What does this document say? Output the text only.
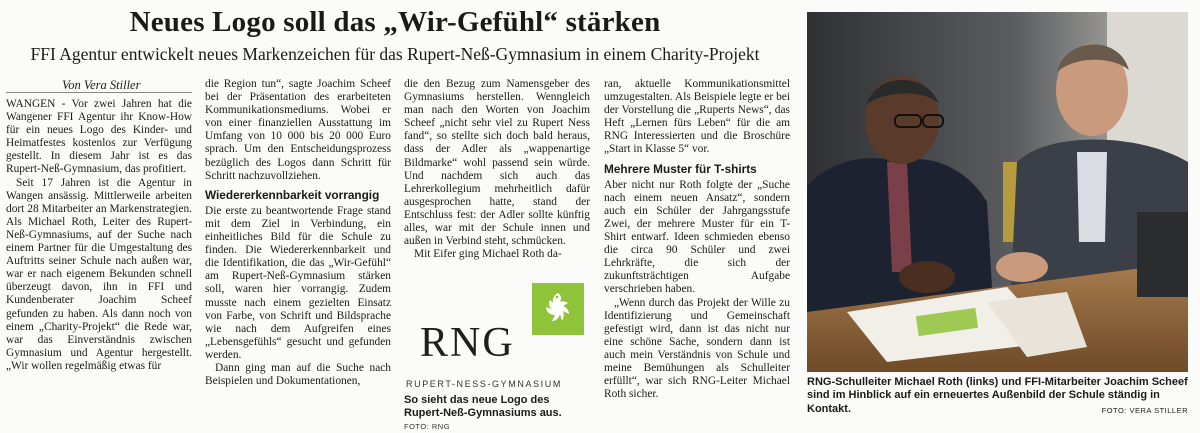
Neues Logo soll das „Wir-Gefühl“ stärken
FFI Agentur entwickelt neues Markenzeichen für das Rupert-Neß-Gymnasium in einem Charity-Projekt
Von Vera Stiller

WANGEN - Vor zwei Jahren hat die Wangener FFI Agentur ihr Know-How für ein neues Logo des Kinder- und Heimatfestes kostenlos zur Verfügung gestellt. In diesem Jahr ist es das Rupert-Neß-Gymnasium, das profitiert.

Seit 17 Jahren ist die Agentur in Wangen ansässig. Mittlerweile arbeiten dort 28 Mitarbeiter an Markenstrategien. Als Michael Roth, Leiter des Rupert-Neß-Gymnasiums, auf der Suche nach einem Partner für die Umgestaltung des Auftritts seiner Schule nach außen war, war er nach eigenem Bekunden schnell überzeugt davon, ihn in FFI und Kundenberater Joachim Scheef gefunden zu haben. Als dann noch von einem „Charity-Projekt“ die Rede war, war das Einverständnis zwischen Gymnasium und Agentur hergestellt. „Wir wollen regelmäßig etwas für

die Region tun“, sagte Joachim Scheef bei der Präsentation des erarbeiteten Kommunikationsmediums. Wobei er von einer finanziellen Ausstattung im Umfang von 10 000 bis 20 000 Euro sprach. Um den Entscheidungsprozess bezüglich des Logos dann Schritt für Schritt nachzuvollziehen.

Wiedererkennbarkeit vorrangig

Die erste zu beantwortende Frage stand mit dem Ziel in Verbindung, ein einheitliches Bild für die Schule zu finden. Die Wiedererkennbarkeit und die Identifikation, die das „Wir-Gefühl“ am Rupert-Neß-Gymnasium stärken soll, waren hier vorrangig. Zudem musste nach einem gezielten Einsatz von Farbe, von Schrift und Bildsprache wie nach dem Aufgreifen eines „Lebensgefühls“ gesucht und gefunden werden.

Dann ging man auf die Suche nach Beispielen und Dokumentationen,

die den Bezug zum Namensgeber des Gymnasiums herstellen. Wenngleich man nach den Worten von Joachim Scheef „nicht sehr viel zu Rupert Ness fand“, so stellte sich doch bald heraus, dass der Adler als „wappenartige Bildmarke“ wohl passend sein würde. Und nachdem sich auch das Lehrerkollegium mehrheitlich dafür ausgesprochen hatte, stand der Entschluss fest: der Adler sollte künftig alles, war mit der Schule innen und außen in Verbind steht, schmücken.

Mit Eifer ging Michael Roth da-

RNG
RUPERT-NESS-GYMNASIUM
So sieht das neue Logo des Rupert-Neß-Gymnasiums aus. FOTO: RNG

ran, aktuelle Kommunikationsmittel umzugestalten. Als Beispiele legte er bei der Vorstellung die „Ruperts News“, das Heft „Lernen fürs Leben“ für die am RNG Interessierten und die Broschüre „Start in Klasse 5“ vor.

Mehrere Muster für T-shirts

Aber nicht nur Roth folgte der „Suche nach einem neuen Ansatz“, sondern auch ein Schüler der Jahrgangsstufe Zwei, der mehrere Muster für ein T-Shirt entwarf. Ideen schmieden ebenso die circa 90 Schüler und zwei Lehrkräfte, die sich der zukunftsträchtigen Aufgabe verschrieben haben.

„Wenn durch das Projekt der Wille zu Identifizierung und Gemeinschaft gefestigt wird, dann ist das nicht nur eine schöne Sache, sondern dann ist auch mein Verständnis von Schule und meine Bemühungen als Schulleiter erfüllt“, war sich RNG-Leiter Michael Roth sicher.

RNG-Schulleiter Michael Roth (links) und FFI-Mitarbeiter Joachim Scheef sind im Hinblick auf ein erneuertes Außenbild der Schule ständig in Kontakt.	FOTO: VERA STILLER
